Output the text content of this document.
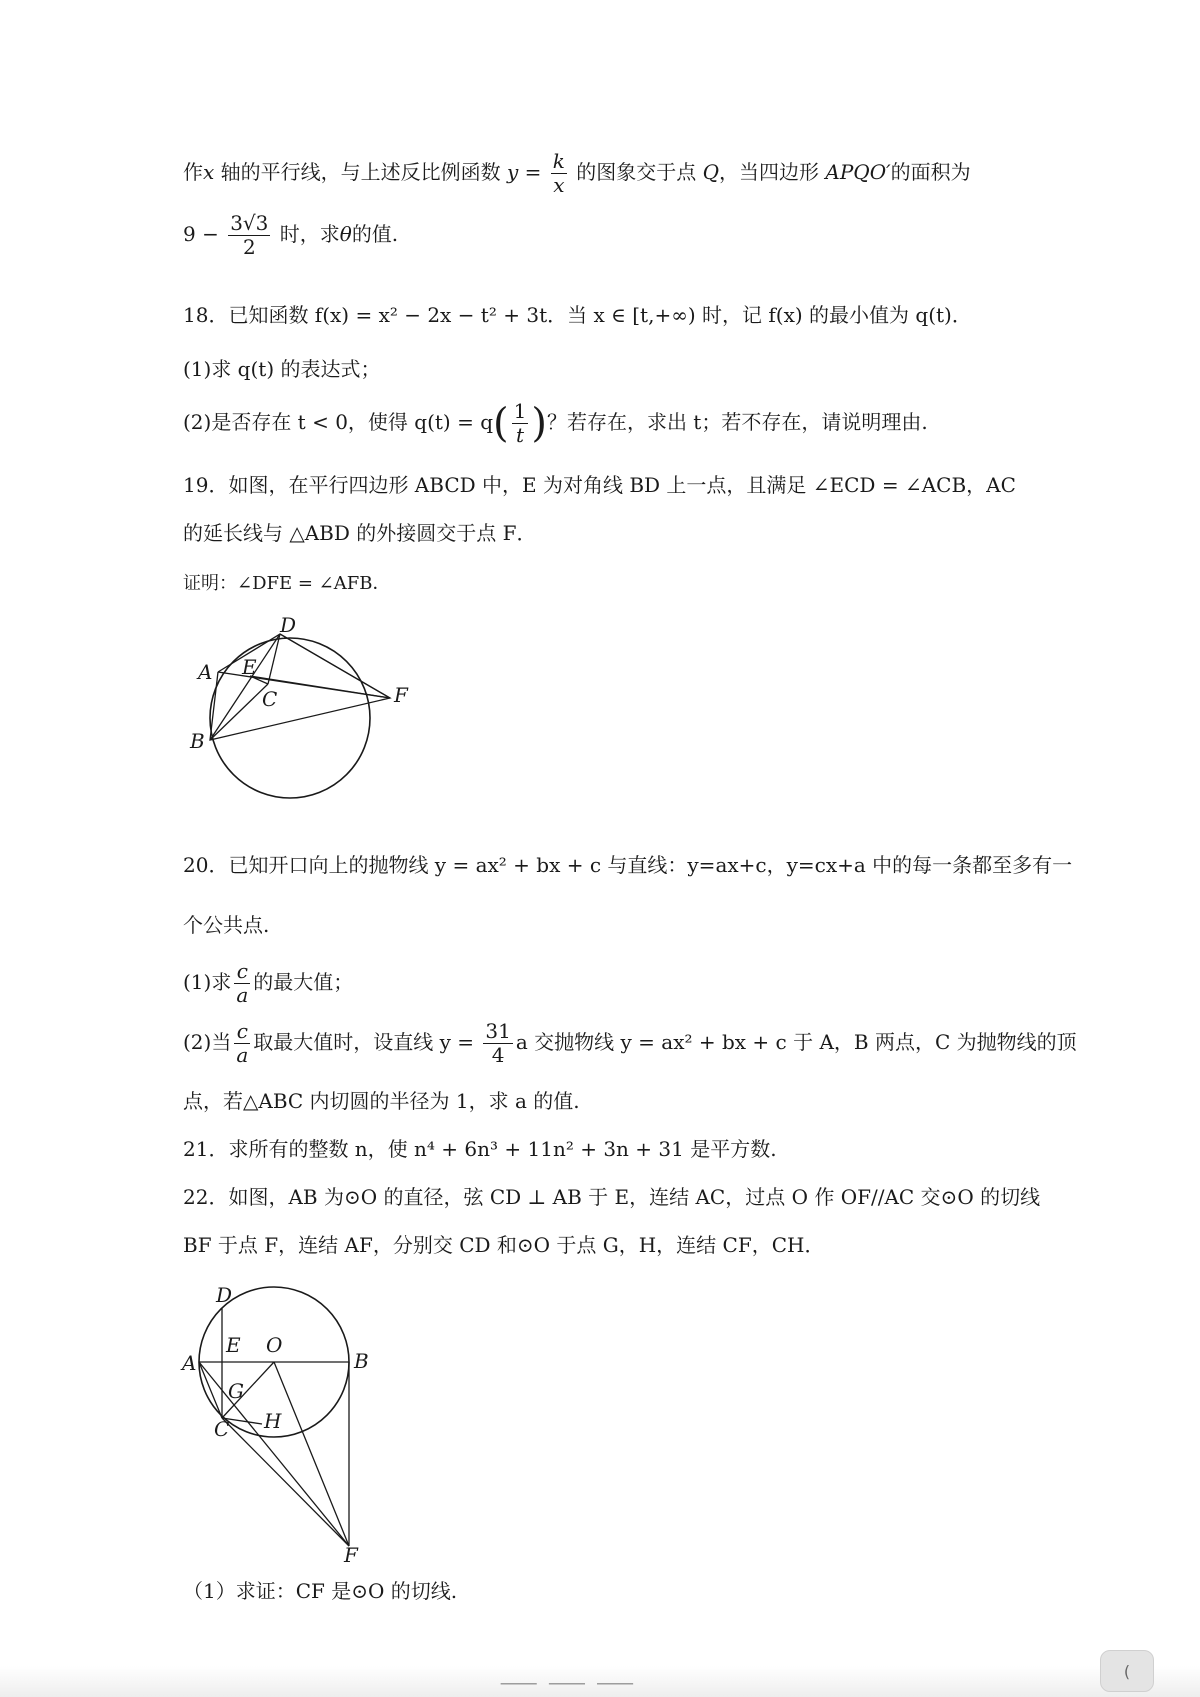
作x 轴的平行线，与上述反比例函数 $y = \frac{k}{x}$ 的图象交于点 Q，当四边形 APQO′的面积为
$9 - \frac{3√3}{2}$ 时，求θ的值.
18．已知函数 f(x) = x² − 2x − t² + 3t．当 x ∈ [t,+∞) 时，记 f(x) 的最小值为 q(t)．
(1)求 q(t) 的表达式；
(2)是否存在 t < 0，使得 $q(t) = q( \frac{1}{t}$ )？若存在，求出 t；若不存在，请说明理由.
19．如图，在平行四边形 ABCD 中，E 为对角线 BD 上一点，且满足 ∠ECD = ∠ACB，AC
的延长线与 △ABD 的外接圆交于点 F．
证明：∠DFE = ∠AFB．
D
A E
C	F
B
20．已知开口向上的抛物线 y = ax² + bx + c 与直线：y=ax+c，y=cx+a 中的每一条都至多有一
个公共点.
(1)求 $\frac{c}{a}$ 的最大值；
(2)当 $\frac{c}{a}$ 取最大值时，设直线 $y = \frac{31}{4}$ a 交抛物线 y = ax² + bx + c 于 A，B 两点，C 为抛物线的顶
点，若△ABC 内切圆的半径为 1，求 a 的值.
21．求所有的整数 n，使 n⁴ + 6n³ + 11n² + 3n + 31 是平方数.
22．如图，AB 为⊙O 的直径，弦 CD ⊥ AB 于 E，连结 AC，过点 O 作 OF//AC 交⊙O 的切线
BF 于点 F，连结 AF，分别交 CD 和⊙O 于点 G，H，连结 CF，CH．
D
A
E O
B
G
H
C
F
（1）求证：CF 是⊙O 的切线.
⸻ ⸻ ⸻
(
